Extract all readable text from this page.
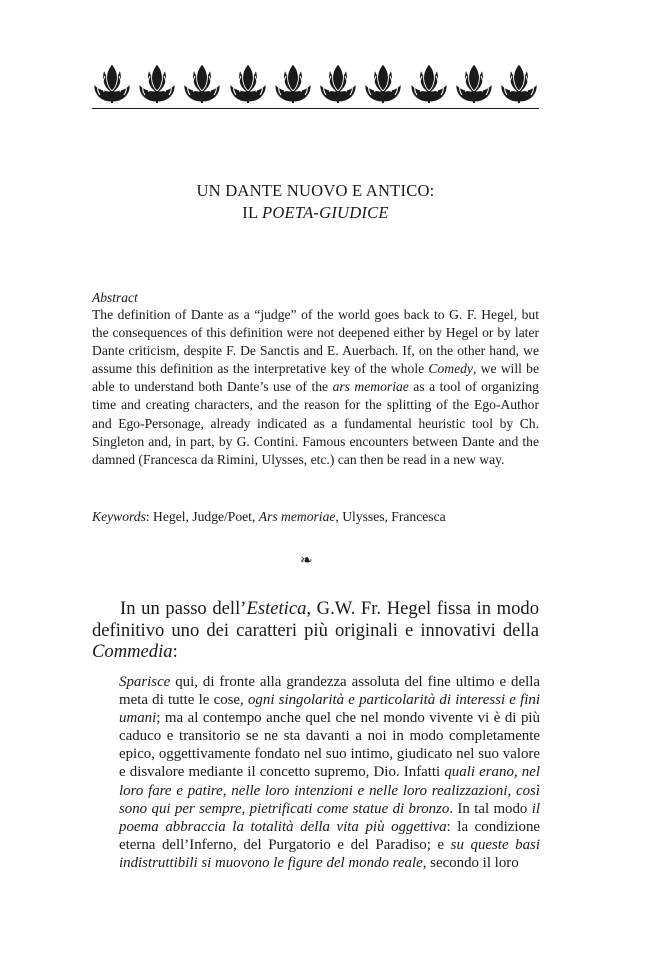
UN DANTE NUOVO E ANTICO:
IL POETA-GIUDICE
Abstract

The definition of Dante as a “judge” of the world goes back to G. F. Hegel, but the consequences of this definition were not deepened either by Hegel or by later Dante criticism, despite F. De Sanctis and E. Auerbach. If, on the other hand, we assume this definition as the interpretative key of the whole Comedy, we will be able to understand both Dante’s use of the ars memoriae as a tool of organizing time and creating characters, and the reason for the splitting of the Ego-Author and Ego-Personage, already indicated as a fundamental heuristic tool by Ch. Singleton and, in part, by G. Contini. Famous encounters between Dante and the damned (Francesca da Rimini, Ulysses, etc.) can then be read in a new way.

Keywords: Hegel, Judge/Poet, Ars memoriae, Ulysses, Francesca
❧

In un passo dell’Estetica, G.W. Fr. Hegel fissa in modo definitivo uno dei caratteri più originali e innovativi della Commedia:

Sparisce qui, di fronte alla grandezza assoluta del fine ultimo e della meta di tutte le cose, ogni singolarità e particolarità di interessi e fini umani; ma al contempo anche quel che nel mondo vivente vi è di più caduco e transitorio se ne sta davanti a noi in modo completamente epico, oggettivamente fondato nel suo intimo, giudicato nel suo valore e disvalore mediante il concetto supremo, Dio. Infatti quali erano, nel loro fare e patire, nelle loro intenzioni e nelle loro realizzazioni, così sono qui per sempre, pietrificati come statue di bronzo. In tal modo il poema abbraccia la totalità della vita più oggettiva: la condizione eterna dell’Inferno, del Purgatorio e del Paradiso; e su queste basi indistruttibili si muovono le figure del mondo reale, secondo il loro
